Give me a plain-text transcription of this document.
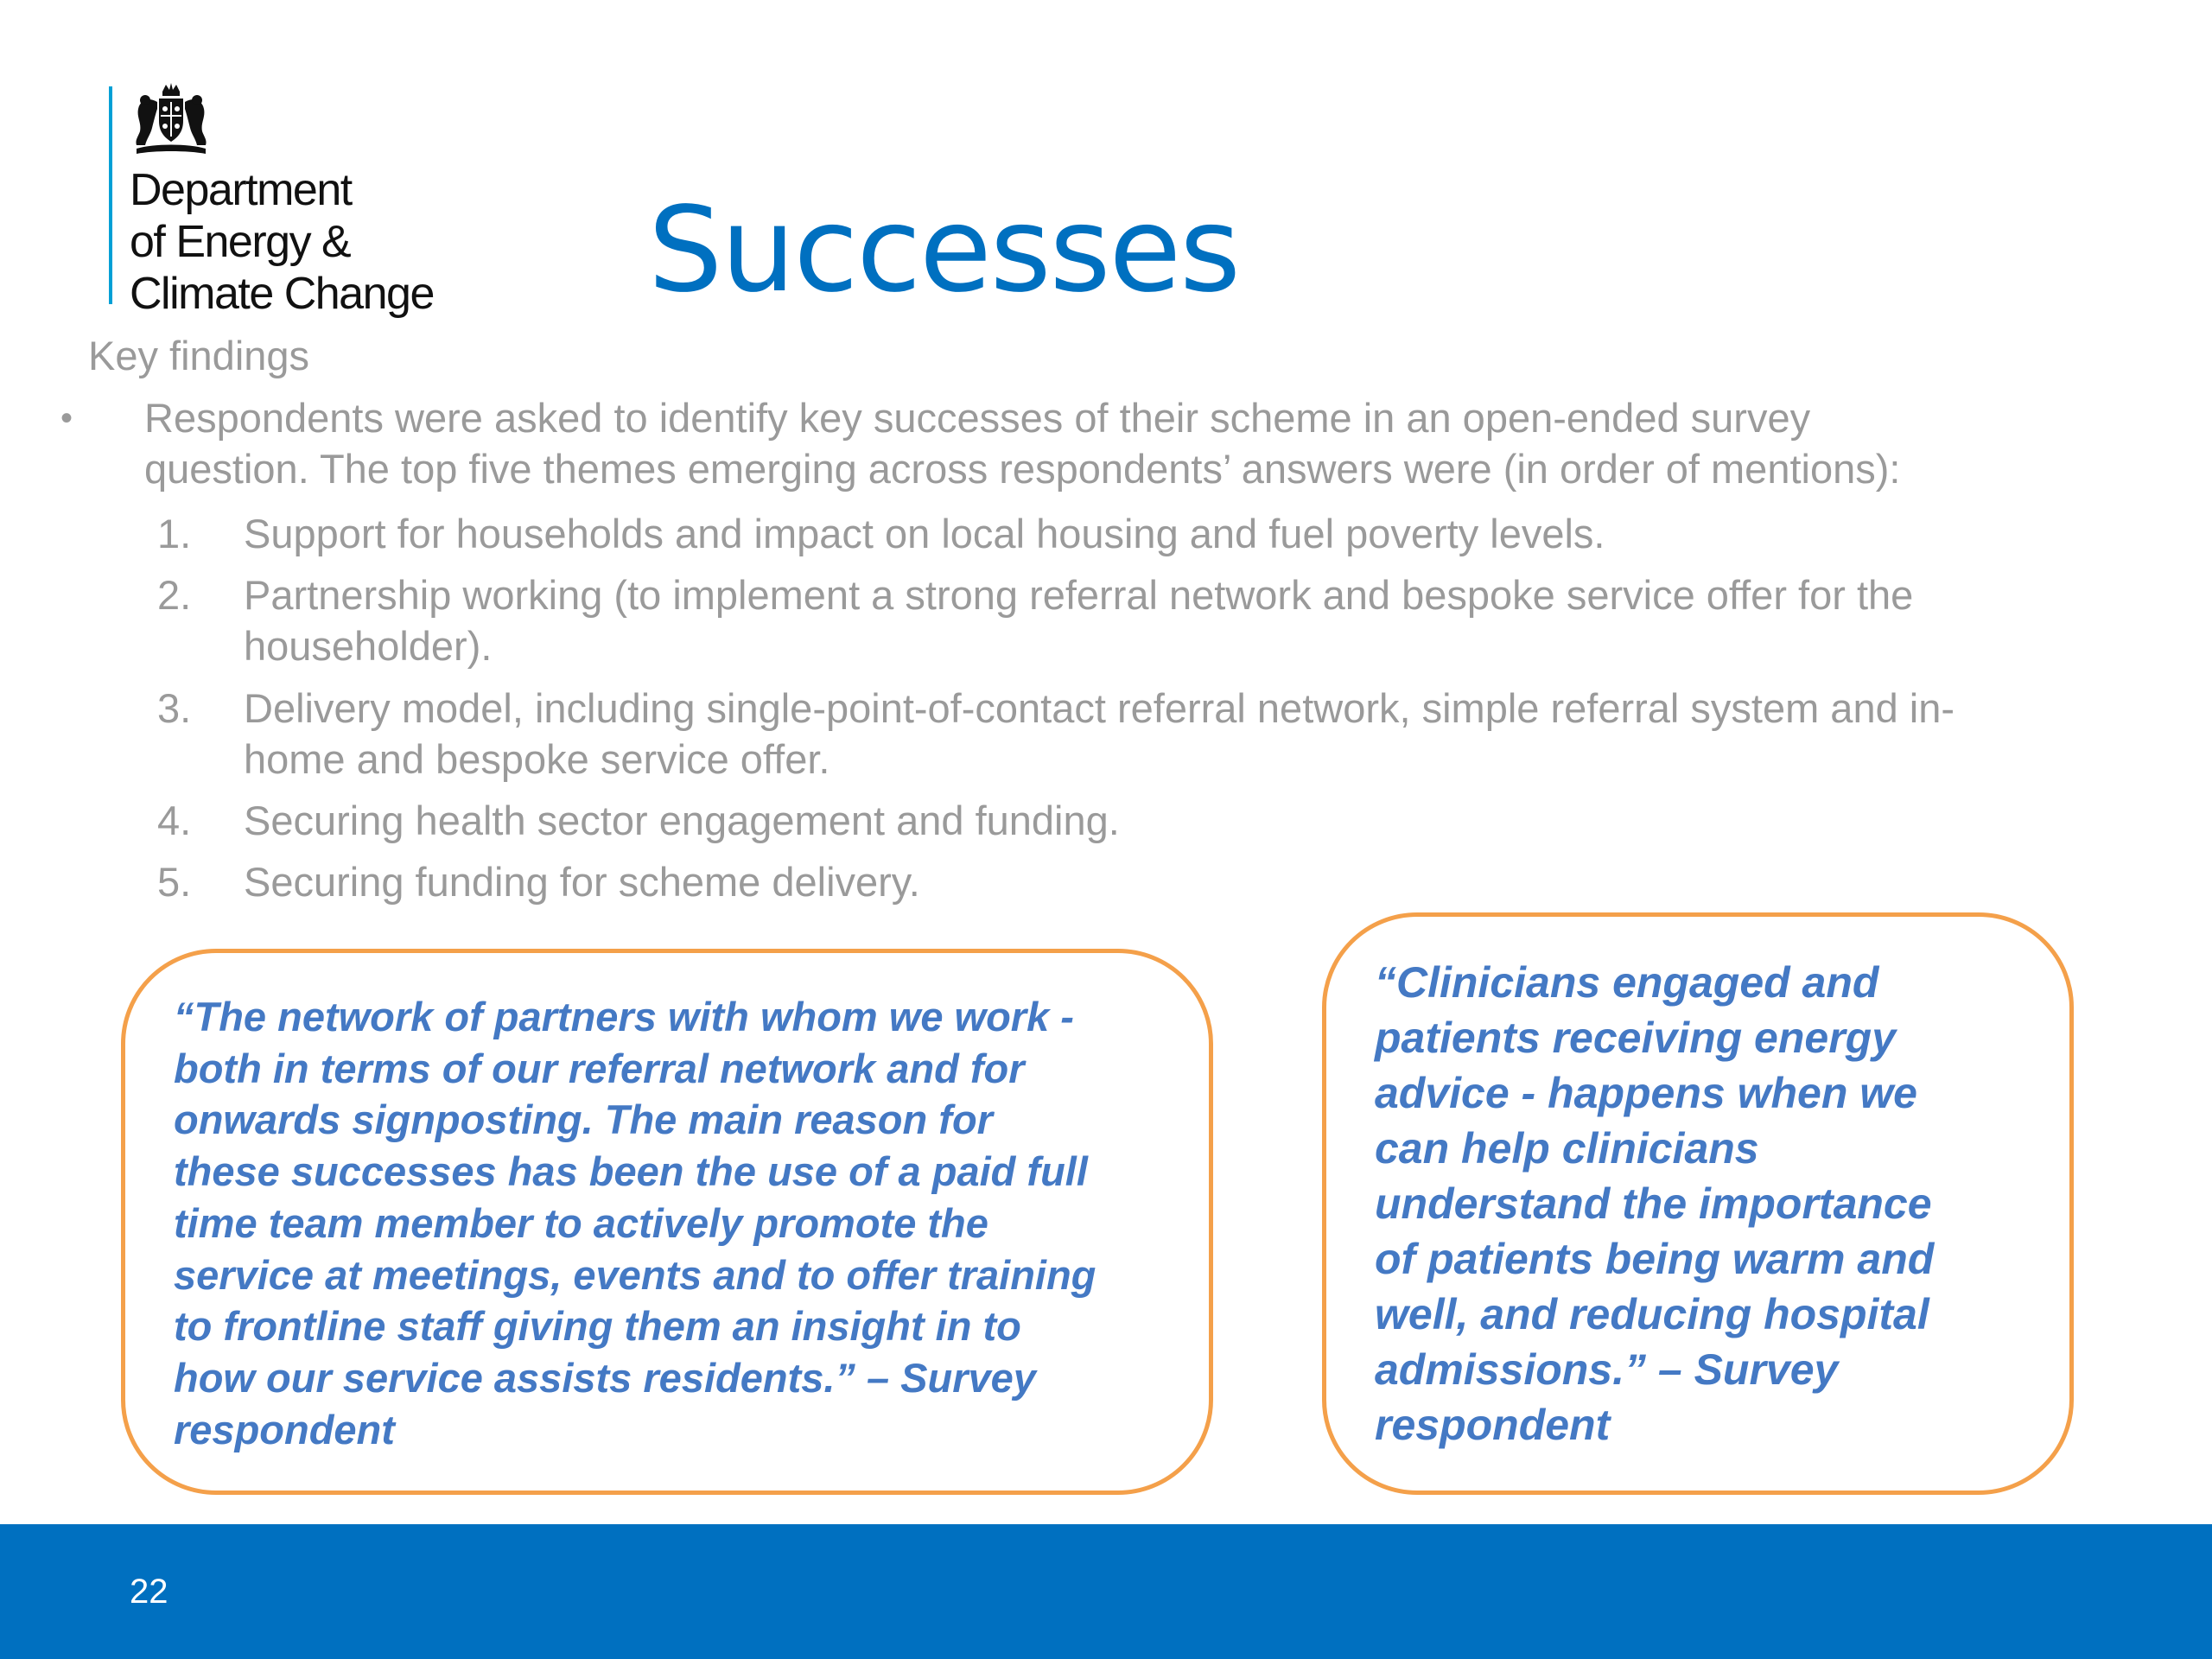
Department
of Energy &
Climate Change Successes
Key findings
• Respondents were asked to identify key successes of their scheme in an open-ended survey
question. The top five themes emerging across respondents’ answers were (in order of mentions):
1.	Support for households and impact on local housing and fuel poverty levels.
2.	Partnership working (to implement a strong referral network and bespoke service offer for the
householder).
3.	Delivery model, including single-point-of-contact referral network, simple referral system and in-
home and bespoke service offer.
4.	Securing health sector engagement and funding.
5.	Securing funding for scheme delivery.
“The network of partners with whom we work -
both in terms of our referral network and for
onwards signposting. The main reason for
these successes has been the use of a paid full
time team member to actively promote the
service at meetings, events and to offer training
to frontline staff giving them an insight in to
how our service assists residents.” – Survey
respondent
“Clinicians engaged and
patients receiving energy
advice - happens when we
can help clinicians
understand the importance
of patients being warm and
well, and reducing hospital
admissions.” – Survey
respondent
22
